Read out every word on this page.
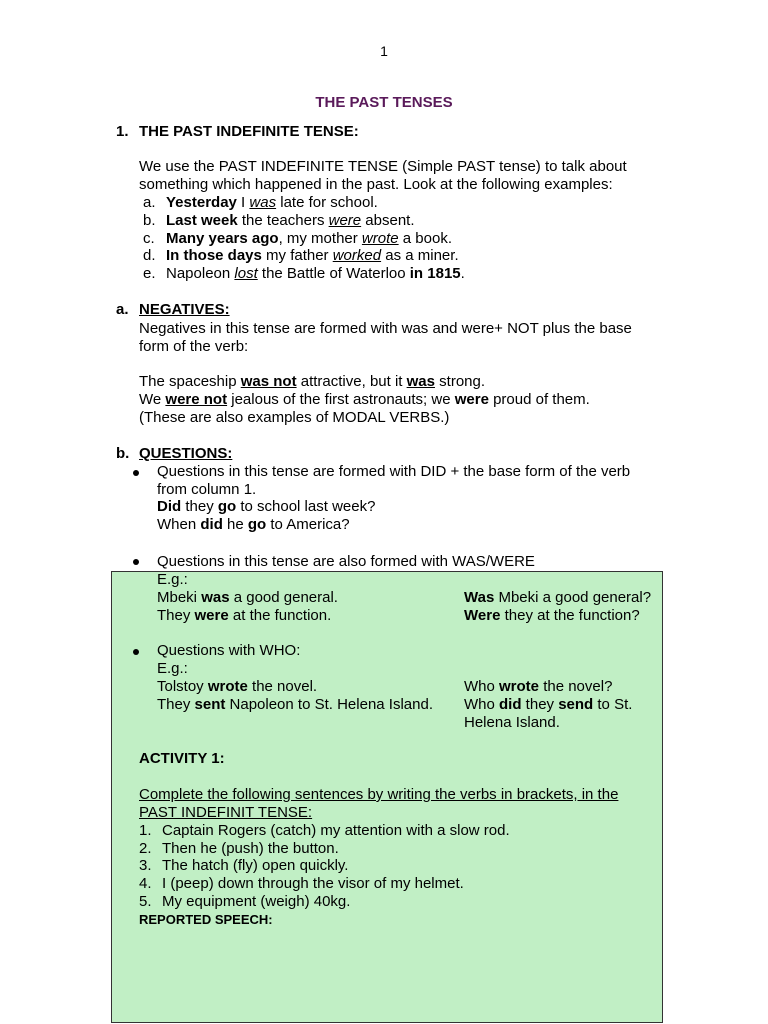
1
THE PAST TENSES
1. THE PAST INDEFINITE TENSE:
We use the PAST INDEFINITE TENSE (Simple PAST tense) to talk about
something which happened in the past. Look at the following examples:
a. Yesterday I was late for school.
b. Last week the teachers were absent.
c. Many years ago, my mother wrote a book.
d. In those days my father worked as a miner.
e. Napoleon lost the Battle of Waterloo in 1815.
a. NEGATIVES:
Negatives in this tense are formed with was and were+ NOT plus the base
form of the verb:
The spaceship was not attractive, but it was strong.
We were not jealous of the first astronauts; we were proud of them.
(These are also examples of MODAL VERBS.)
b. QUESTIONS:
Questions in this tense are formed with DID + the base form of the verb
from column 1.
Did they go to school last week?
When did he go to America?
Questions in this tense are also formed with WAS/WERE
E.g.:
Mbeki was a good general.	Was Mbeki a good general?
They were at the function.	Were they at the function?
Questions with WHO:
E.g.:
Tolstoy wrote the novel.	Who wrote the novel?
They sent Napoleon to St. Helena Island. Who did they send to St.
Helena Island.
ACTIVITY 1:
Complete the following sentences by writing the verbs in brackets, in the
PAST INDEFINIT TENSE:
1. Captain Rogers (catch) my attention with a slow rod.
2. Then he (push) the button.
3. The hatch (fly) open quickly.
4. I (peep) down through the visor of my helmet.
5. My equipment (weigh) 40kg.
REPORTED SPEECH:
